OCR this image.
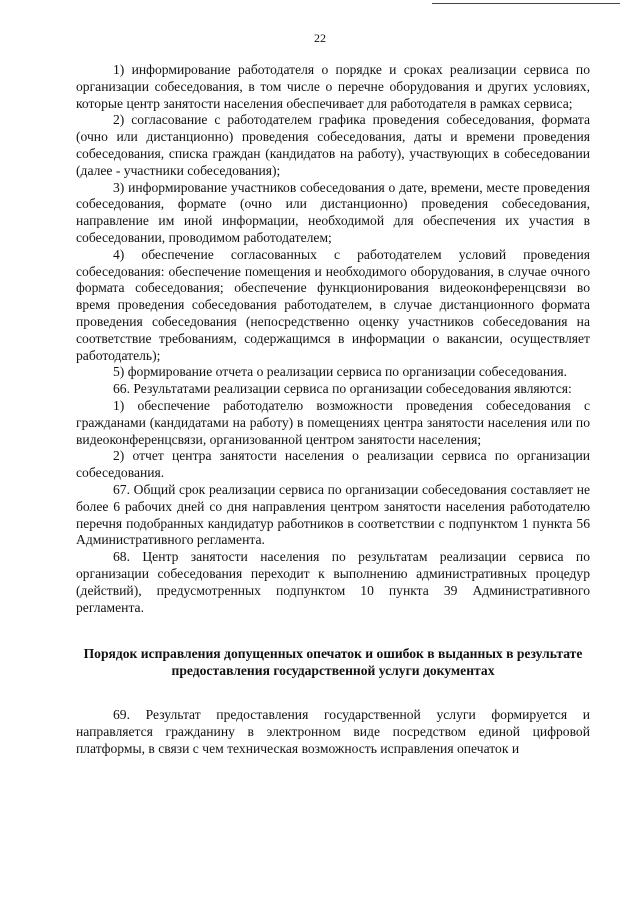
22

1) информирование работодателя о порядке и сроках реализации сервиса по организации собеседования, в том числе о перечне оборудования и других условиях, которые центр занятости населения обеспечивает для работодателя в рамках сервиса;

2) согласование с работодателем графика проведения собеседования, формата (очно или дистанционно) проведения собеседования, даты и времени проведения собеседования, списка граждан (кандидатов на работу), участвующих в собеседовании (далее - участники собеседования);

3) информирование участников собеседования о дате, времени, месте проведения собеседования, формате (очно или дистанционно) проведения собеседования, направление им иной информации, необходимой для обеспечения их участия в собеседовании, проводимом работодателем;

4) обеспечение согласованных с работодателем условий проведения собеседования: обеспечение помещения и необходимого оборудования, в случае очного формата собеседования; обеспечение функционирования видеоконференцсвязи во время проведения собеседования работодателем, в случае дистанционного формата проведения собеседования (непосредственно оценку участников собеседования на соответствие требованиям, содержащимся в информации о вакансии, осуществляет работодатель);

5) формирование отчета о реализации сервиса по организации собеседования.

66. Результатами реализации сервиса по организации собеседования являются:

1) обеспечение работодателю возможности проведения собеседования с гражданами (кандидатами на работу) в помещениях центра занятости населения или по видеоконференцсвязи, организованной центром занятости населения;

2) отчет центра занятости населения о реализации сервиса по организации собеседования.

67. Общий срок реализации сервиса по организации собеседования составляет не более 6 рабочих дней со дня направления центром занятости населения работодателю перечня подобранных кандидатур работников в соответствии с подпунктом 1 пункта 56 Административного регламента.

68. Центр занятости населения по результатам реализации сервиса по организации собеседования переходит к выполнению административных процедур (действий), предусмотренных подпунктом 10 пункта 39 Административного регламента.

Порядок исправления допущенных опечаток и ошибок в выданных в результате предоставления государственной услуги документах

69. Результат предоставления государственной услуги формируется и направляется гражданину в электронном виде посредством единой цифровой платформы, в связи с чем техническая возможность исправления опечаток и
